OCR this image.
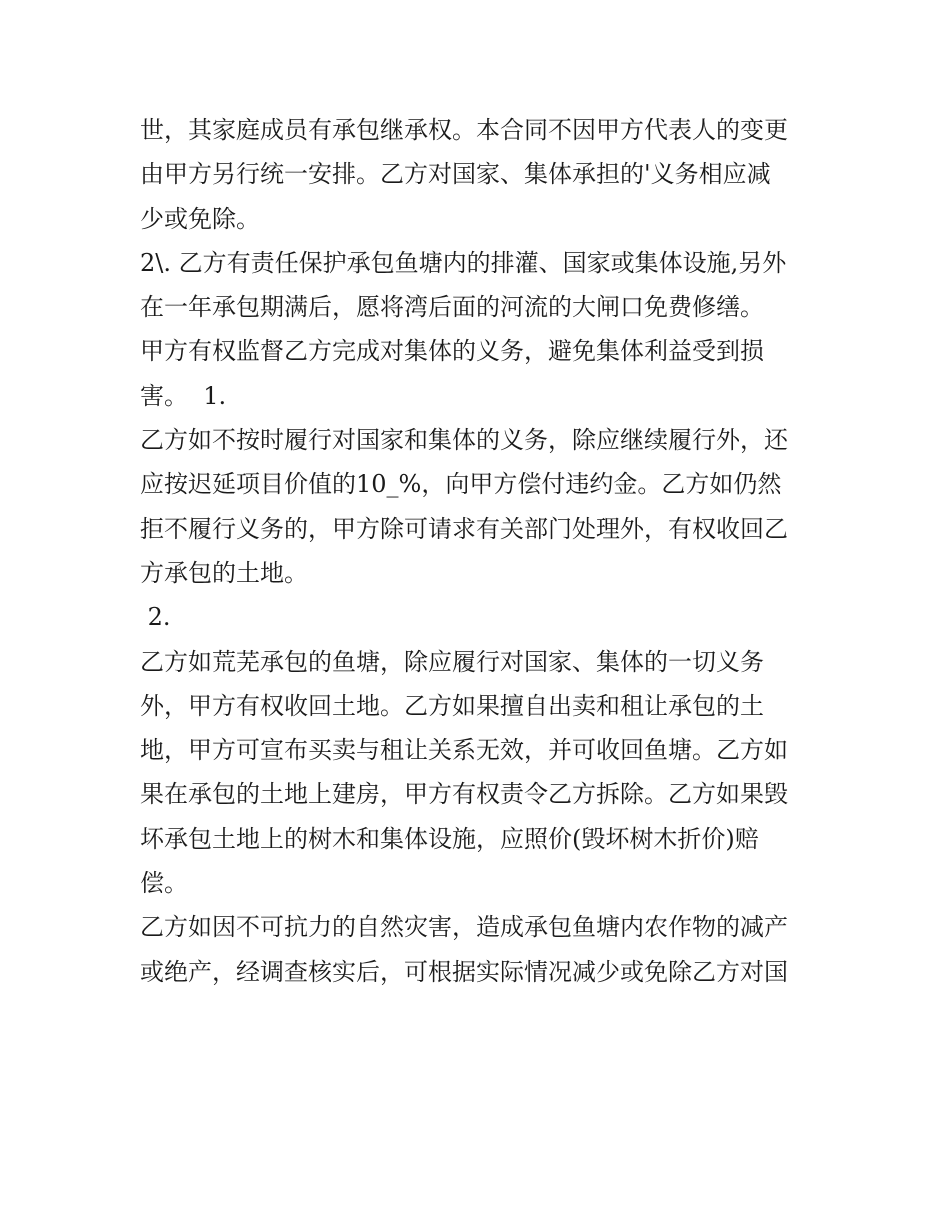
世，其家庭成员有承包继承权。本合同不因甲方代表人的变更
由甲方另行统一安排。乙方对国家、集体承担的'义务相应减
少或免除。
2\. 乙方有责任保护承包鱼塘内的排灌、国家或集体设施,另外
在一年承包期满后，愿将湾后面的河流的大闸口免费修缮。
甲方有权监督乙方完成对集体的义务，避免集体利益受到损
害。  1.
乙方如不按时履行对国家和集体的义务，除应继续履行外，还
应按迟延项目价值的10_%，向甲方偿付违约金。乙方如仍然
拒不履行义务的，甲方除可请求有关部门处理外，有权收回乙
方承包的土地。
2.
乙方如荒芜承包的鱼塘，除应履行对国家、集体的一切义务
外，甲方有权收回土地。乙方如果擅自出卖和租让承包的土
地，甲方可宣布买卖与租让关系无效，并可收回鱼塘。乙方如
果在承包的土地上建房，甲方有权责令乙方拆除。乙方如果毁
坏承包土地上的树木和集体设施，应照价(毁坏树木折价)赔
偿。
乙方如因不可抗力的自然灾害，造成承包鱼塘内农作物的减产
或绝产，经调查核实后，可根据实际情况减少或免除乙方对国
